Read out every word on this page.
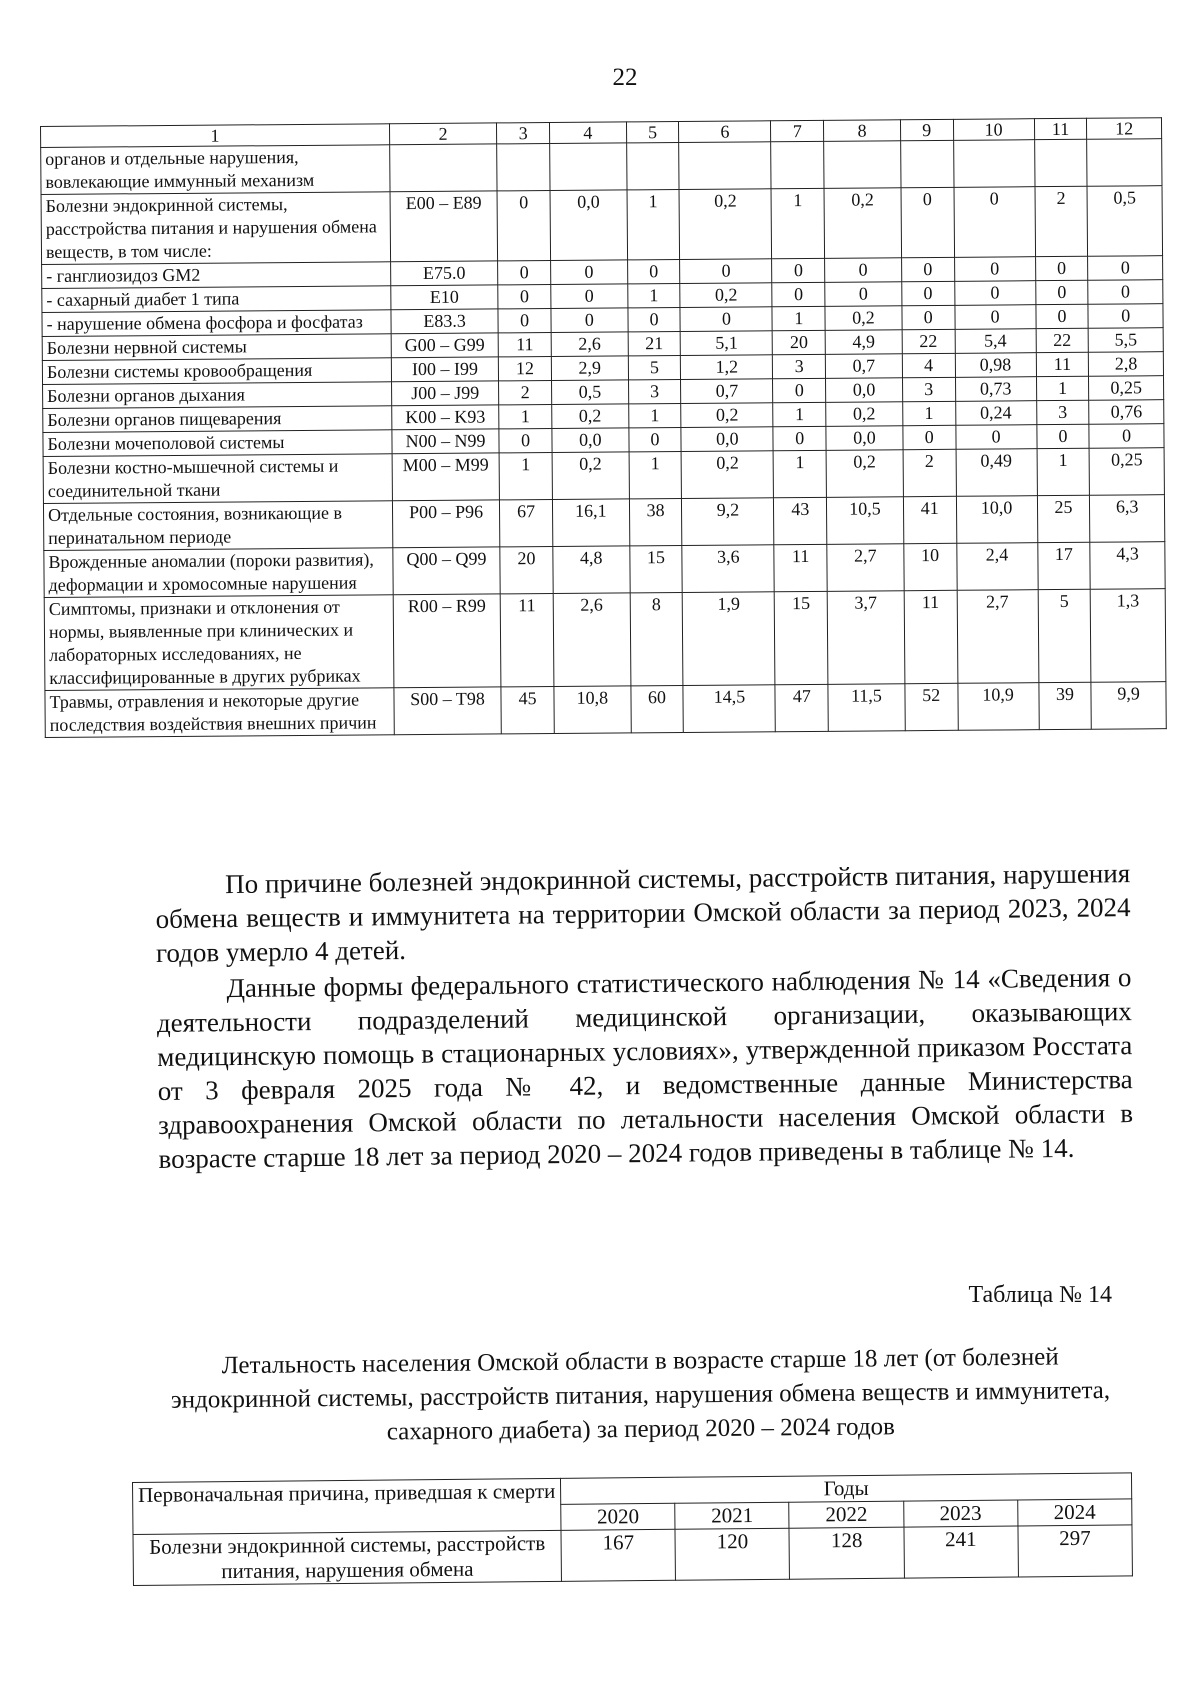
22
1	2	3	4	5	6	7	8	9	10	11	12
органов и отдельные нарушения, вовлекающие иммунный механизм											
Болезни эндокринной системы, расстройства питания и нарушения обмена веществ, в том числе:	E00 – E89	0	0,0	1	0,2	1	0,2	0	0	2	0,5
- ганглиозидоз GM2	E75.0	0	0	0	0	0	0	0	0	0	0
- сахарный диабет 1 типа	E10	0	0	1	0,2	0	0	0	0	0	0
- нарушение обмена фосфора и фосфатаз	E83.3	0	0	0	0	1	0,2	0	0	0	0
Болезни нервной системы	G00 – G99	11	2,6	21	5,1	20	4,9	22	5,4	22	5,5
Болезни системы кровообращения	I00 – I99	12	2,9	5	1,2	3	0,7	4	0,98	11	2,8
Болезни органов дыхания	J00 – J99	2	0,5	3	0,7	0	0,0	3	0,73	1	0,25
Болезни органов пищеварения	K00 – K93	1	0,2	1	0,2	1	0,2	1	0,24	3	0,76
Болезни мочеполовой системы	N00 – N99	0	0,0	0	0,0	0	0,0	0	0	0	0
Болезни костно-мышечной системы и соединительной ткани	M00 – M99	1	0,2	1	0,2	1	0,2	2	0,49	1	0,25
Отдельные состояния, возникающие в перинатальном периоде	P00 – P96	67	16,1	38	9,2	43	10,5	41	10,0	25	6,3
Врожденные аномалии (пороки развития), деформации и хромосомные нарушения	Q00 – Q99	20	4,8	15	3,6	11	2,7	10	2,4	17	4,3
Симптомы, признаки и отклонения от нормы, выявленные при клинических и лабораторных исследованиях, не классифицированные в других рубриках	R00 – R99	11	2,6	8	1,9	15	3,7	11	2,7	5	1,3
Травмы, отравления и некоторые другие последствия воздействия внешних причин	S00 – T98	45	10,8	60	14,5	47	11,5	52	10,9	39	9,9

По причине болезней эндокринной системы, расстройств питания, нарушения обмена веществ и иммунитета на территории Омской области за период 2023, 2024 годов умерло 4 детей.

Данные формы федерального статистического наблюдения № 14 «Сведения о деятельности подразделений медицинской организации, оказывающих медицинскую помощь в стационарных условиях», утвержденной приказом Росстата от 3 февраля 2025 года № 42, и ведомственные данные Министерства здравоохранения Омской области по летальности населения Омской области в возрасте старше 18 лет за период 2020 – 2024 годов приведены в таблице № 14.

Таблица № 14
Летальность населения Омской области в возрасте старше 18 лет (от болезней эндокринной системы, расстройств питания, нарушения обмена веществ и иммунитета, сахарного диабета) за период 2020 – 2024 годов
Первоначальная причина, приведшая к смерти	Годы				
	2020	2021	2022	2023	2024
Болезни эндокринной системы, расстройств питания, нарушения обмена	167	120	128	241	297
